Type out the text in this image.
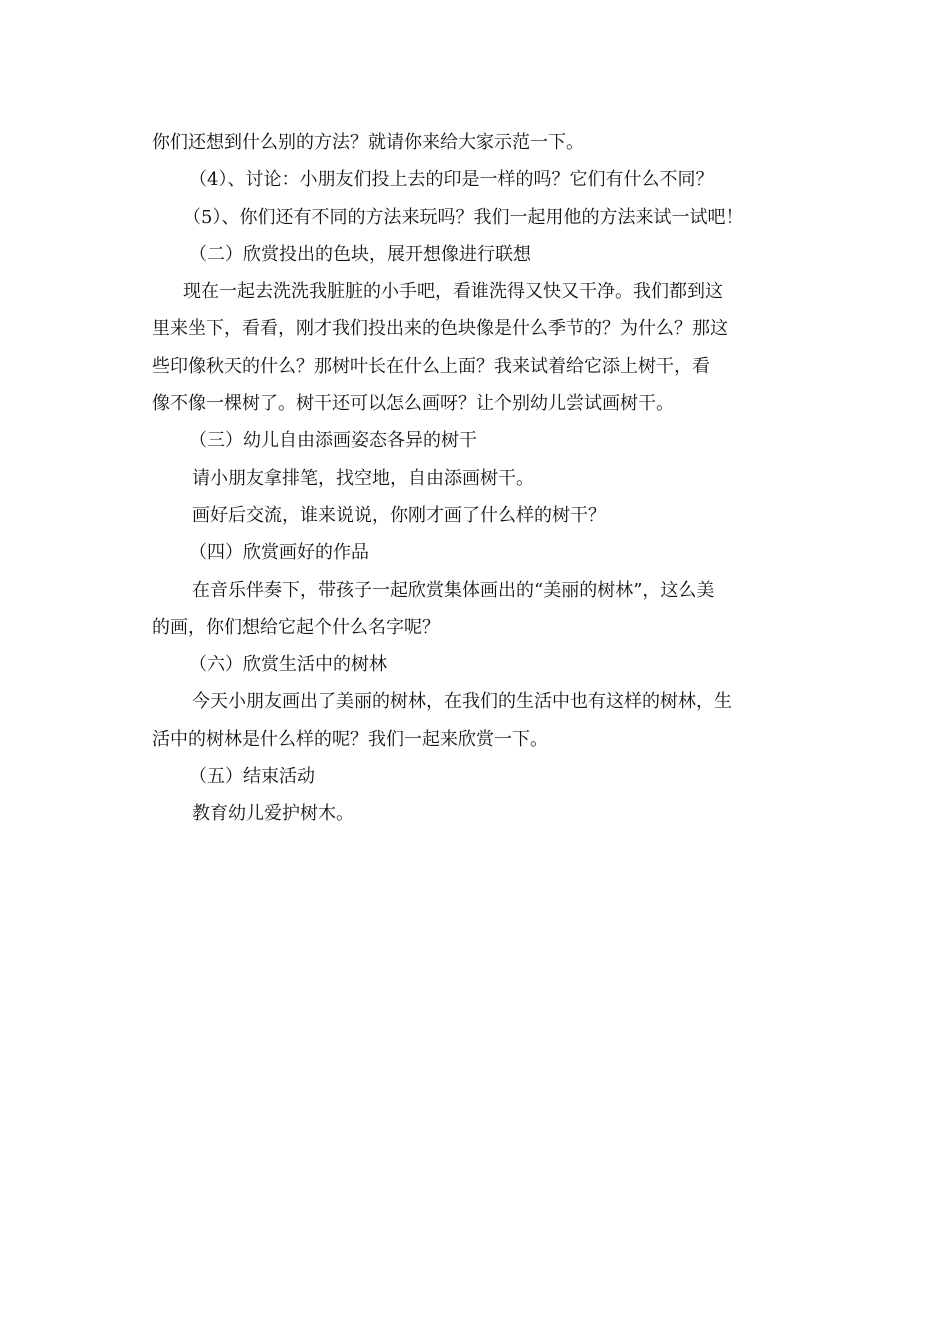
你们还想到什么别的方法？就请你来给大家示范一下。
（4）、讨论：小朋友们投上去的印是一样的吗？它们有什么不同？
（5）、你们还有不同的方法来玩吗？我们一起用他的方法来试一试吧！
（二）欣赏投出的色块，展开想像进行联想
现在一起去洗洗我脏脏的小手吧，看谁洗得又快又干净。我们都到这
里来坐下，看看，刚才我们投出来的色块像是什么季节的？为什么？那这
些印像秋天的什么？那树叶长在什么上面？我来试着给它添上树干，看
像不像一棵树了。树干还可以怎么画呀？让个别幼儿尝试画树干。
（三）幼儿自由添画姿态各异的树干
请小朋友拿排笔，找空地，自由添画树干。
画好后交流，谁来说说，你刚才画了什么样的树干？
（四）欣赏画好的作品
在音乐伴奏下，带孩子一起欣赏集体画出的“美丽的树林”，这么美
的画，你们想给它起个什么名字呢？
（六）欣赏生活中的树林
今天小朋友画出了美丽的树林，在我们的生活中也有这样的树林，生
活中的树林是什么样的呢？我们一起来欣赏一下。
（五）结束活动
教育幼儿爱护树木。
